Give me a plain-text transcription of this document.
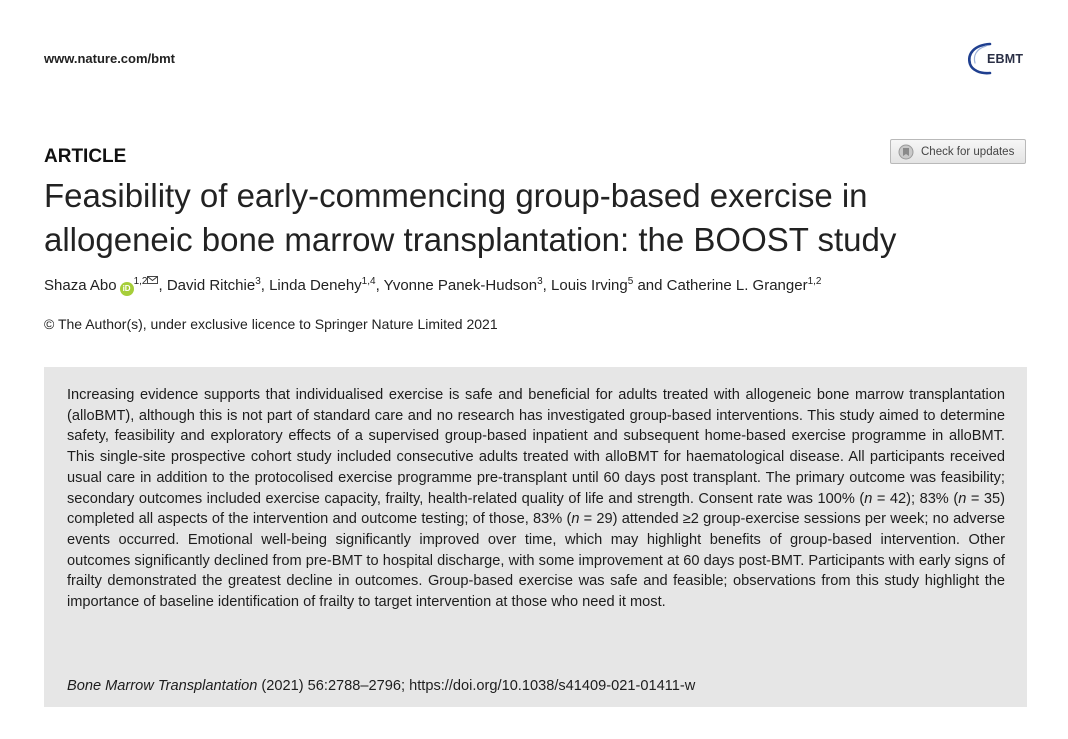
www.nature.com/bmt	EBMT
Check for updates
ARTICLE
Feasibility of early-commencing group-based exercise in allogeneic bone marrow transplantation: the BOOST study
Shaza Abo iD$^{1,2}$ , David Ritchie$^3$, Linda Denehy$^{1,4}$, Yvonne Panek-Hudson$^3$, Louis Irving$^5$ and Catherine L. Granger$^{1,2}$
© The Author(s), under exclusive licence to Springer Nature Limited 2021

Increasing evidence supports that individualised exercise is safe and beneficial for adults treated with allogeneic bone marrow transplantation (alloBMT), although this is not part of standard care and no research has investigated group-based interventions. This study aimed to determine safety, feasibility and exploratory effects of a supervised group-based inpatient and subsequent home-based exercise programme in alloBMT. This single-site prospective cohort study included consecutive adults treated with alloBMT for haematological disease. All participants received usual care in addition to the protocolised exercise programme pre-transplant until 60 days post transplant. The primary outcome was feasibility; secondary outcomes included exercise capacity, frailty, health-related quality of life and strength. Consent rate was 100% (n = 42); 83% (n = 35) completed all aspects of the intervention and outcome testing; of those, 83% (n = 29) attended ≥2 group-exercise sessions per week; no adverse events occurred. Emotional well-being significantly improved over time, which may highlight benefits of group-based intervention. Other outcomes significantly declined from pre-BMT to hospital discharge, with some improvement at 60 days post-BMT. Participants with early signs of frailty demonstrated the greatest decline in outcomes. Group-based exercise was safe and feasible; observations from this study highlight the importance of baseline identification of frailty to target intervention at those who need it most.

Bone Marrow Transplantation (2021) 56:2788–2796; https://doi.org/10.1038/s41409-021-01411-w
